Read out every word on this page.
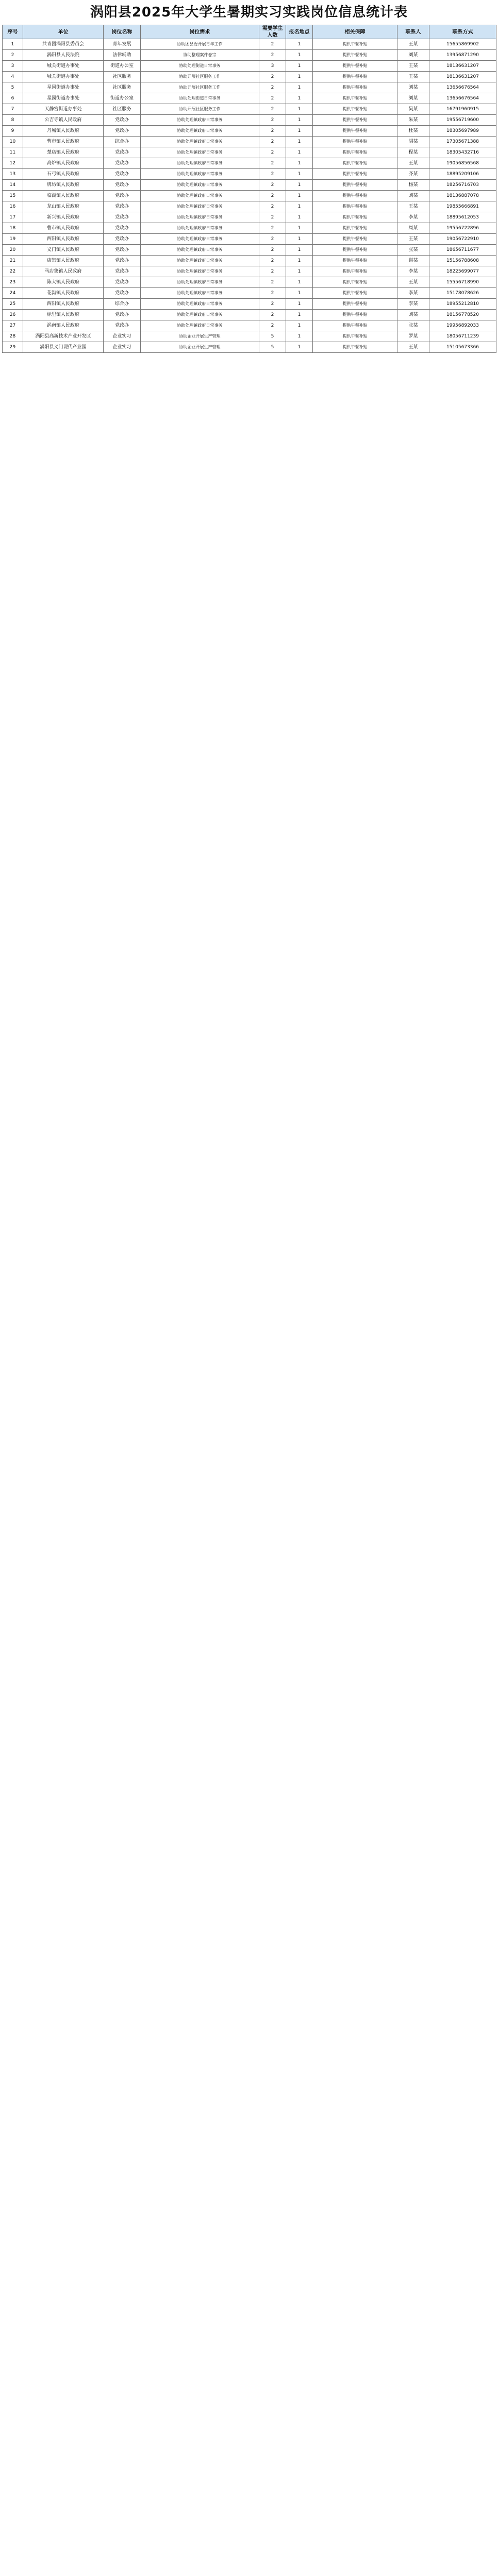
涡阳县2025年大学生暑期实习实践岗位信息统计表
序号	单位	岗位名称	岗位需求	需要学生人数	报名地点	相关保障	联系人	联系方式
1	共青团涡阳县委员会	青年发展	协助团县委开展青年工作	2	1	提供午餐补贴	王某	15655869902
2	涡阳县人民法院	法律辅助	协助整理案件卷宗	2	1	提供午餐补贴	刘某	13956871290
3	城关街道办事处	街道办公室	协助处理街道日常事务	3	1	提供午餐补贴	王某	18136631207
4	城关街道办事处	社区服务	协助开展社区服务工作	2	1	提供午餐补贴	王某	18136631207
5	星园街道办事处	社区服务	协助开展社区服务工作	2	1	提供午餐补贴	刘某	13656676564
6	星园街道办事处	街道办公室	协助处理街道日常事务	2	1	提供午餐补贴	刘某	13656676564
7	天静宫街道办事处	社区服务	协助开展社区服务工作	2	1	提供午餐补贴	吴某	16791960915
8	公吉寺镇人民政府	党政办	协助处理镇政府日常事务	2	1	提供午餐补贴	朱某	19556719600
9	丹城镇人民政府	党政办	协助处理镇政府日常事务	2	1	提供午餐补贴	杜某	18305697989
10	曹市镇人民政府	综合办	协助处理镇政府日常事务	2	1	提供午餐补贴	胡某	17305671388
11	楚店镇人民政府	党政办	协助处理镇政府日常事务	2	1	提供午餐补贴	程某	18305432716
12	高炉镇人民政府	党政办	协助处理镇政府日常事务	2	1	提供午餐补贴	王某	19056856568
13	石弓镇人民政府	党政办	协助处理镇政府日常事务	2	1	提供午餐补贴	齐某	18895209106
14	牌坊镇人民政府	党政办	协助处理镇政府日常事务	2	1	提供午餐补贴	杨某	18256716703
15	临湖镇人民政府	党政办	协助处理镇政府日常事务	2	1	提供午餐补贴	刘某	18136887078
16	龙山镇人民政府	党政办	协助处理镇政府日常事务	2	1	提供午餐补贴	王某	19855666891
17	新兴镇人民政府	党政办	协助处理镇政府日常事务	2	1	提供午餐补贴	李某	18895612053
18	曹市镇人民政府	党政办	协助处理镇政府日常事务	2	1	提供午餐补贴	周某	19556722896
19	西阳镇人民政府	党政办	协助处理镇政府日常事务	2	1	提供午餐补贴	王某	19056722910
20	义门镇人民政府	党政办	协助处理镇政府日常事务	2	1	提供午餐补贴	张某	18656711677
21	店集镇人民政府	党政办	协助处理镇政府日常事务	2	1	提供午餐补贴	谢某	15156788608
22	马店集镇人民政府	党政办	协助处理镇政府日常事务	2	1	提供午餐补贴	李某	18225699077
23	陈大镇人民政府	党政办	协助处理镇政府日常事务	2	1	提供午餐补贴	王某	15556718990
24	花沟镇人民政府	党政办	协助处理镇政府日常事务	2	1	提供午餐补贴	李某	15178078626
25	西阳镇人民政府	综合办	协助处理镇政府日常事务	2	1	提供午餐补贴	李某	18955212810
26	标里镇人民政府	党政办	协助处理镇政府日常事务	2	1	提供午餐补贴	刘某	18156778520
27	涡南镇人民政府	党政办	协助处理镇政府日常事务	2	1	提供午餐补贴	张某	19956892033
28	涡阳县高新技术产业开发区	企业实习	协助企业开展生产管理	5	1	提供午餐补贴	罗某	18056711239
29	涡阳县义门现代产业园	企业实习	协助企业开展生产管理	5	1	提供午餐补贴	王某	15105673366
